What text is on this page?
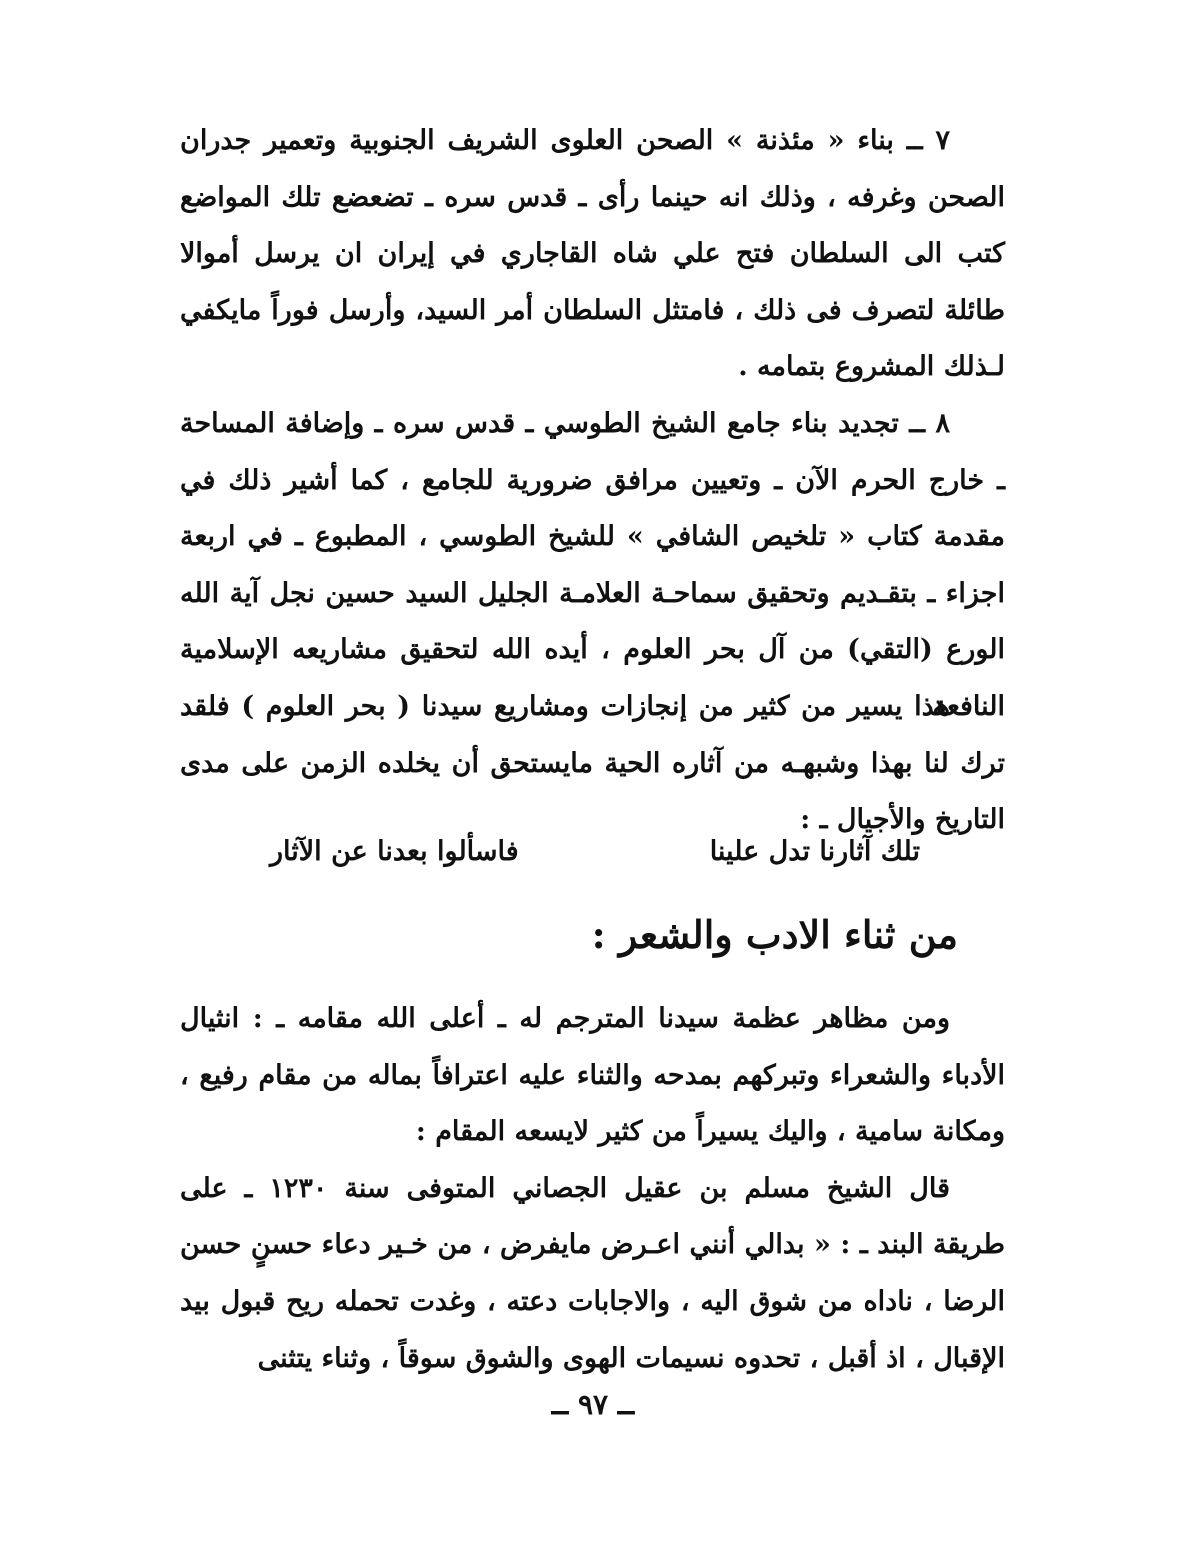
٧ ــ بناء « مئذنة » الصحن العلوى الشريف الجنوبية وتعمير جدران الصحن وغرفه ، وذلك انه حينما رأى ـ قدس سره ـ تضعضع تلك المواضع كتب الى السلطان فتح علي شاه القاجاري في إيران ان يرسل أموالا طائلة لتصرف فى ذلك ، فامتثل السلطان أمر السيد، وأرسل فوراً مايكفي لـذلك المشروع بتمامه .

٨ ــ تجديد بناء جامع الشيخ الطوسي ـ قدس سره ـ وإضافة المساحة ـ خارج الحرم الآن ـ وتعيين مرافق ضرورية للجامع ، كما أشير ذلك في مقدمة كتاب « تلخيص الشافي » للشيخ الطوسي ، المطبوع ـ في اربعة اجزاء ـ بتقـديم وتحقيق سماحـة العلامـة الجليل السيد حسين نجل آية الله الورع (التقي) من آل بحر العلوم ، أيده الله لتحقيق مشاريعه الإسلامية النافعة

هذا يسير من كثير من إنجازات ومشاريع سيدنا ( بحر العلوم ) فلقد ترك لنا بهذا وشبهـه من آثاره الحية مايستحق أن يخلده الزمن على مدى التاريخ والأجيال ـ :

تلك آثارنا تدل علينا
فاسألوا بعدنا عن الآثار
من ثناء الادب والشعر :

ومن مظاهر عظمة سيدنا المترجم له ـ أعلى الله مقامه ـ : انثيال الأدباء والشعراء وتبركهم بمدحه والثناء عليه اعترافاً بماله من مقام رفيع ، ومكانة سامية ، واليك يسيراً من كثير لايسعه المقام :

قال الشيخ مسلم بن عقيل الجصاني المتوفى سنة ١٢٣٠ ـ على طريقة البند ـ : « بدالي أنني اعـرض مايفرض ، من خـير دعاء حسنٍ حسن الرضا ، ناداه من شوق اليه ، والاجابات دعته ، وغدت تحمله ريح قبول بيد الإقبال ، اذ أقبل ، تحدوه نسيمات الهوى والشوق سوقاً ، وثناء يتثنى

ــ ٩٧ ــ
